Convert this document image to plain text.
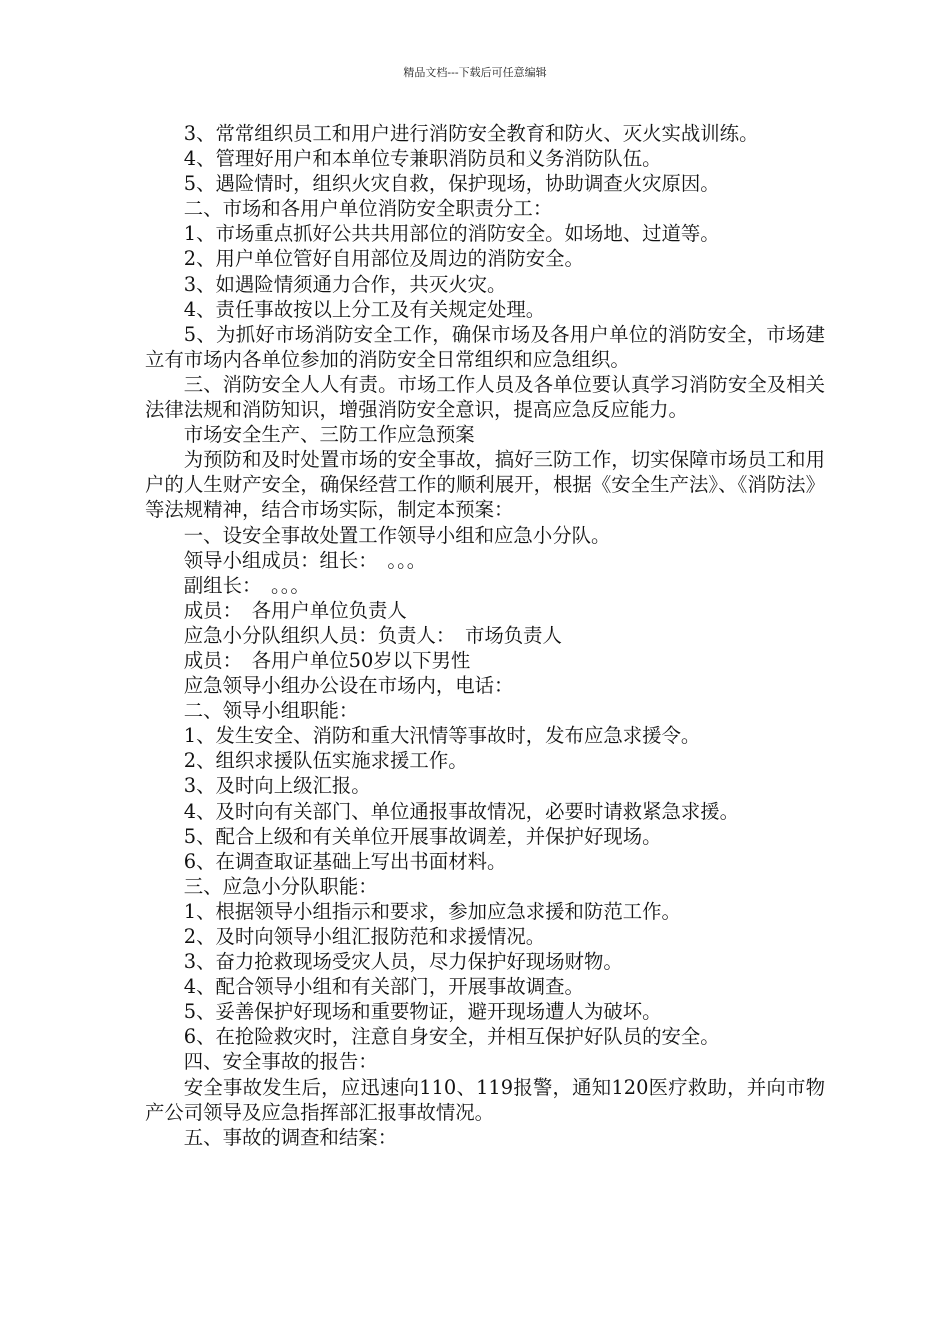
精品文档---下载后可任意编辑

3、常常组织员工和用户进行消防安全教育和防火、灭火实战训练。

4、管理好用户和本单位专兼职消防员和义务消防队伍。

5、遇险情时，组织火灾自救，保护现场，协助调查火灾原因。

二、市场和各用户单位消防安全职责分工：

1、市场重点抓好公共共用部位的消防安全。如场地、过道等。

2、用户单位管好自用部位及周边的消防安全。

3、如遇险情须通力合作，共灭火灾。

4、责任事故按以上分工及有关规定处理。

5、为抓好市场消防安全工作，确保市场及各用户单位的消防安全，市场建立有市场内各单位参加的消防安全日常组织和应急组织。

三、消防安全人人有责。市场工作人员及各单位要认真学习消防安全及相关法律法规和消防知识，增强消防安全意识，提高应急反应能力。

市场安全生产、三防工作应急预案

为预防和及时处置市场的安全事故，搞好三防工作，切实保障市场员工和用户的人生财产安全，确保经营工作的顺利展开，根据《安全生产法》、《消防法》等法规精神，结合市场实际，制定本预案：

一、设安全事故处置工作领导小组和应急小分队。

领导小组成员：组长：　。。。

副组长：　。。。

成员：　各用户单位负责人

应急小分队组织人员：负责人：　市场负责人

成员：　各用户单位50岁以下男性

应急领导小组办公设在市场内，电话：

二、领导小组职能：

1、发生安全、消防和重大汛情等事故时，发布应急求援令。

2、组织求援队伍实施求援工作。

3、及时向上级汇报。

4、及时向有关部门、单位通报事故情况，必要时请救紧急求援。

5、配合上级和有关单位开展事故调差，并保护好现场。

6、在调查取证基础上写出书面材料。

三、应急小分队职能：

1、根据领导小组指示和要求，参加应急求援和防范工作。

2、及时向领导小组汇报防范和求援情况。

3、奋力抢救现场受灾人员，尽力保护好现场财物。

4、配合领导小组和有关部门，开展事故调查。

5、妥善保护好现场和重要物证，避开现场遭人为破坏。

6、在抢险救灾时，注意自身安全，并相互保护好队员的安全。

四、安全事故的报告：

安全事故发生后，应迅速向110、119报警，通知120医疗救助，并向市物产公司领导及应急指挥部汇报事故情况。

五、事故的调查和结案：
